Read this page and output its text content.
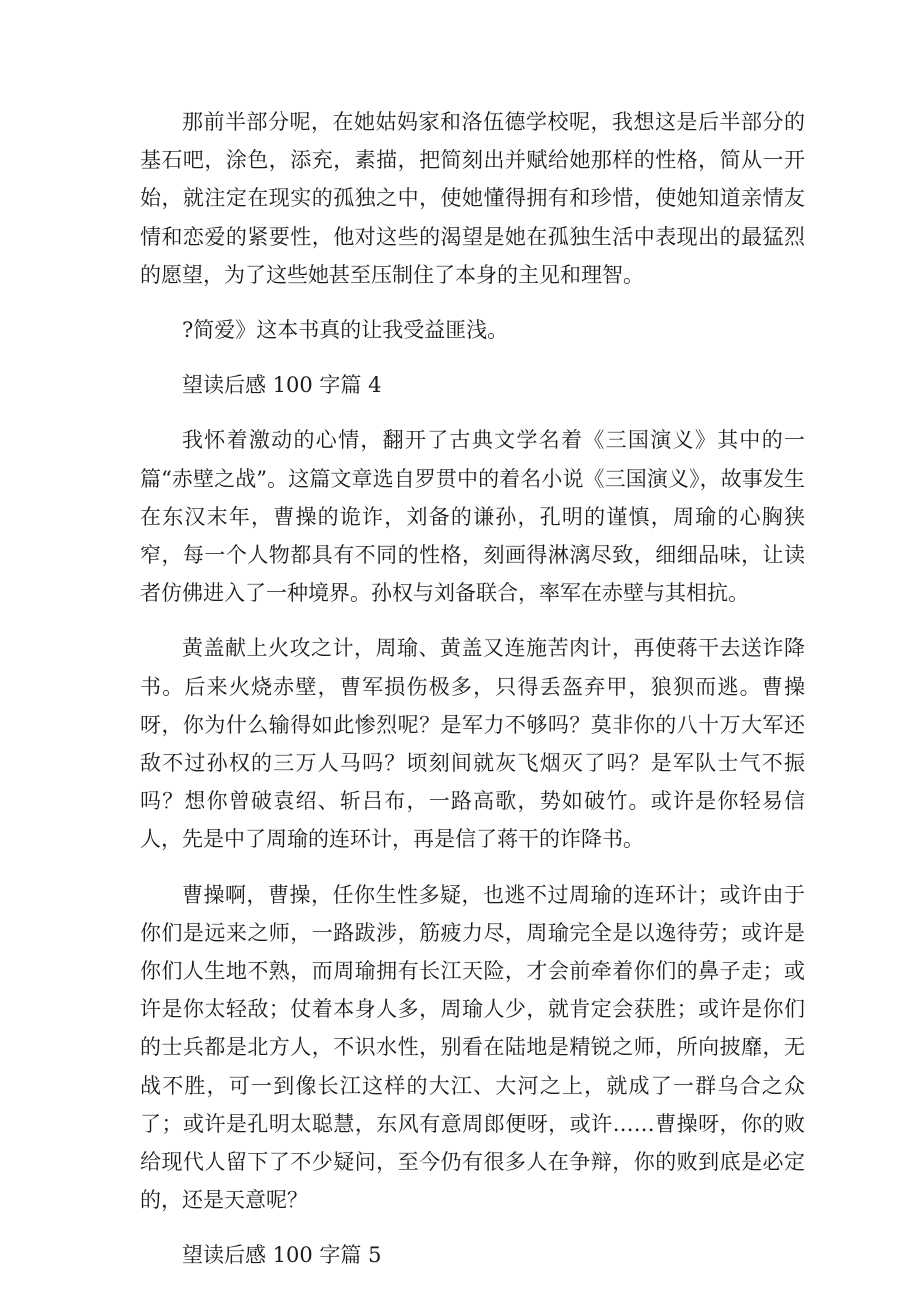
那前半部分呢，在她姑妈家和洛伍德学校呢，我想这是后半部分的基石吧，涂色，添充，素描，把简刻出并赋给她那样的性格，简从一开始，就注定在现实的孤独之中，使她懂得拥有和珍惜，使她知道亲情友情和恋爱的紧要性，他对这些的渴望是她在孤独生活中表现出的最猛烈的愿望，为了这些她甚至压制住了本身的主见和理智。

?简爱》这本书真的让我受益匪浅。

望读后感 100 字篇 4

我怀着激动的心情，翻开了古典文学名着《三国演义》其中的一篇“赤壁之战”。这篇文章选自罗贯中的着名小说《三国演义》，故事发生在东汉末年，曹操的诡诈，刘备的谦孙，孔明的谨慎，周瑜的心胸狭窄，每一个人物都具有不同的性格，刻画得淋漓尽致，细细品味，让读者仿佛进入了一种境界。孙权与刘备联合，率军在赤壁与其相抗。

黄盖献上火攻之计，周瑜、黄盖又连施苦肉计，再使蒋干去送诈降书。后来火烧赤壁，曹军损伤极多，只得丢盔弃甲，狼狈而逃。曹操呀，你为什么输得如此惨烈呢？是军力不够吗？莫非你的八十万大军还敌不过孙权的三万人马吗？顷刻间就灰飞烟灭了吗？是军队士气不振吗？想你曾破袁绍、斩吕布，一路高歌，势如破竹。或许是你轻易信人，先是中了周瑜的连环计，再是信了蒋干的诈降书。

曹操啊，曹操，任你生性多疑，也逃不过周瑜的连环计；或许由于你们是远来之师，一路跋涉，筋疲力尽，周瑜完全是以逸待劳；或许是你们人生地不熟，而周瑜拥有长江天险，才会前牵着你们的鼻子走；或许是你太轻敌；仗着本身人多，周瑜人少，就肯定会获胜；或许是你们的士兵都是北方人，不识水性，别看在陆地是精锐之师，所向披靡，无战不胜，可一到像长江这样的大江、大河之上，就成了一群乌合之众了；或许是孔明太聪慧，东风有意周郎便呀，或许……曹操呀，你的败给现代人留下了不少疑问，至今仍有很多人在争辩，你的败到底是必定的，还是天意呢？

望读后感 100 字篇 5
